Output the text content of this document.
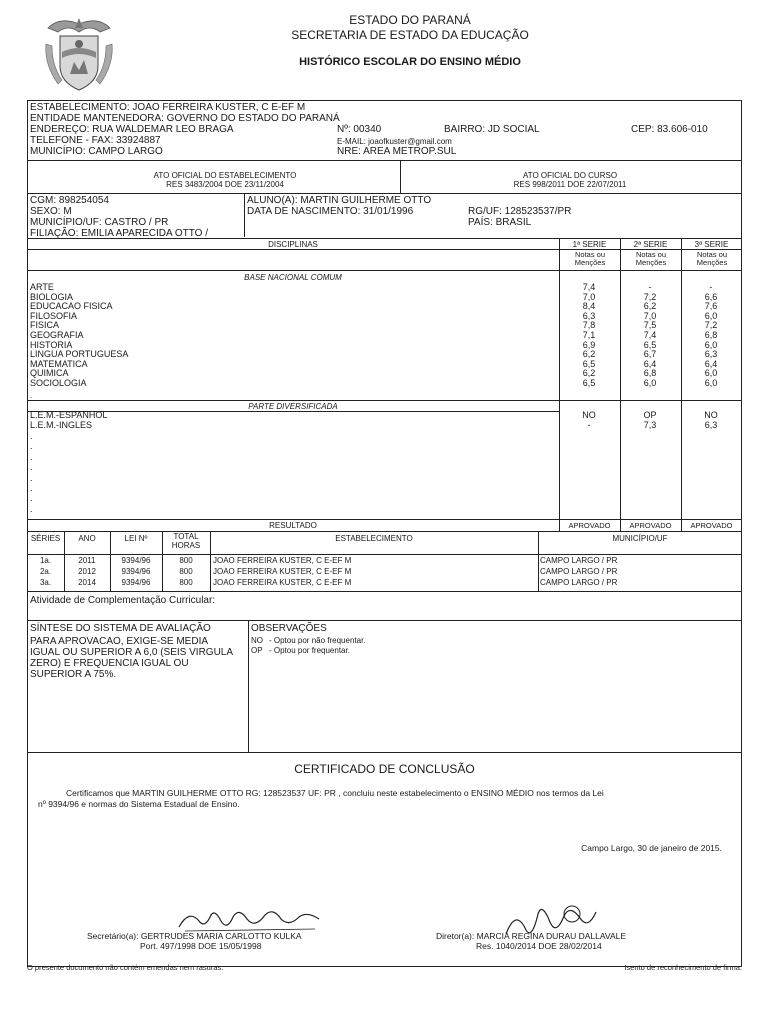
ESTADO DO PARANÁ
SECRETARIA DE ESTADO DA EDUCAÇÃO
HISTÓRICO ESCOLAR DO ENSINO MÉDIO
ESTABELECIMENTO: JOAO FERREIRA KUSTER, C E-EF M
ENTIDADE MANTENEDORA: GOVERNO DO ESTADO DO PARANÁ
ENDEREÇO: RUA WALDEMAR LEO BRAGA	Nº: 00340	BAIRRO: JD SOCIAL	CEP: 83.606-010
TELEFONE - FAX: 33924887	E-MAIL: joaofkuster@gmail.com
MUNICÍPIO: CAMPO LARGO	NRE: AREA METROP.SUL
ATO OFICIAL DO ESTABELECIMENTO
RES 3483/2004 DOE 23/11/2004
ATO OFICIAL DO CURSO
RES 998/2011 DOE 22/07/2011
CGM: 898254054	ALUNO(A): MARTIN GUILHERME OTTO
SEXO: M	DATA DE NASCIMENTO: 31/01/1996	RG/UF: 128523537/PR
MUNICÍPIO/UF: CASTRO / PR	PAÍS: BRASIL
FILIAÇÃO: EMILIA APARECIDA OTTO /
DISCIPLINAS	1ª SERIE	2ª SERIE	3ª SERIE
Notas ou Menções
Notas ou Menções
Notas ou Menções
BASE NACIONAL COMUM
ARTE	7,4	-	-
BIOLOGIA	7,0	7,2	6,6
EDUCACAO FISICA	8,4	6,2	7,6
FILOSOFIA	6,3	7,0	6,0
FISICA	7,8	7,5	7,2
GEOGRAFIA	7,1	7,4	6,8
HISTORIA	6,9	6,5	6,0
LINGUA PORTUGUESA	6,2	6,7	6,3
MATEMATICA	6,5	6,4	6,4
QUIMICA	6,2	6,8	6,0
SOCIOLOGIA	6,5	6,0	6,0
.
PARTE DIVERSIFICADA
L.E.M.-ESPANHOL	NO	OP	NO
L.E.M.-INGLES	-	7,3	6,3
.
.
.
.
.
.
.
.
RESULTADO	APROVADO	APROVADO	APROVADO
SÉRIES	ANO	LEI Nº	TOTAL HORAS
ESTABELECIMENTO	MUNICÍPIO/UF
1a.	2011	9394/96	800	JOAO FERREIRA KUSTER, C E-EF M	CAMPO LARGO / PR
2a.	2012	9394/96	800	JOAO FERREIRA KUSTER, C E-EF M	CAMPO LARGO / PR
3a.	2014	9394/96	800	JOAO FERREIRA KUSTER, C E-EF M	CAMPO LARGO / PR
Atividade de Complementação Curricular:
SÍNTESE DO SISTEMA DE AVALIAÇÃO
PARA APROVACAO, EXIGE-SE MEDIA
IGUAL OU SUPERIOR A 6,0 (SEIS VIRGULA
ZERO) E FREQUENCIA IGUAL OU
SUPERIOR A 75%.
OBSERVAÇÕES
NO - Optou por não frequentar.
OP - Optou por frequentar.
CERTIFICADO DE CONCLUSÃO
Certificamos que MARTIN GUILHERME OTTO RG: 128523537 UF: PR , concluiu neste estabelecimento o ENSINO MÉDIO nos termos da Lei
nº 9394/96 e normas do Sistema Estadual de Ensino.
Campo Largo, 30 de janeiro de 2015.
Secretário(a): GERTRUDES MARIA CARLOTTO KULKA
Port. 497/1998 DOE 15/05/1998
Diretor(a): MARCIA REGINA DURAU DALLAVALE
Res. 1040/2014 DOE 28/02/2014
O presente documento não contém emendas nem rasuras.	Isento de reconhecimento de firma.
